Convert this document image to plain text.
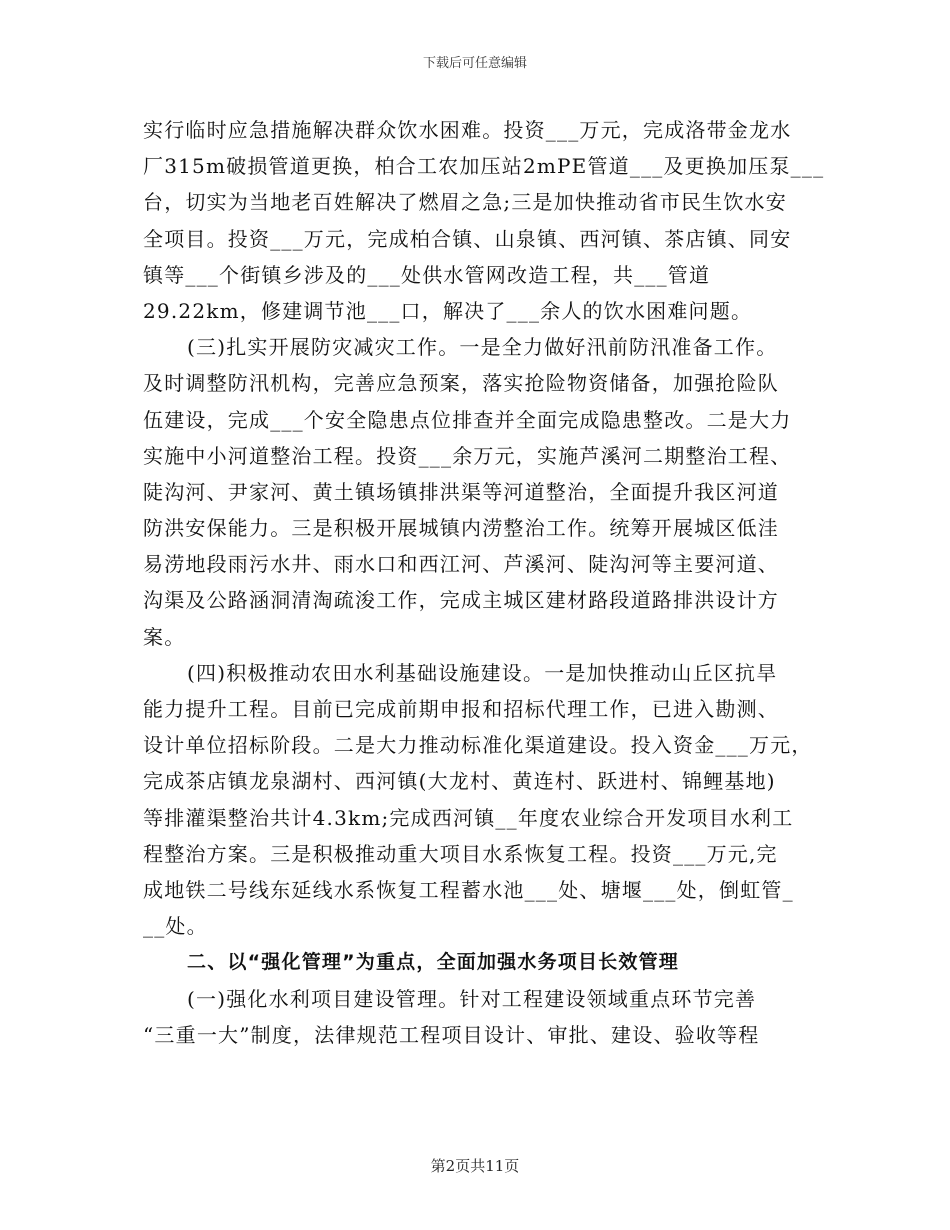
下载后可任意编辑
实行临时应急措施解决群众饮水困难。投资___万元，完成洛带金龙水
厂315m破损管道更换，柏合工农加压站2mPE管道___及更换加压泵___
台，切实为当地老百姓解决了燃眉之急;三是加快推动省市民生饮水安
全项目。投资___万元，完成柏合镇、山泉镇、西河镇、茶店镇、同安
镇等___个街镇乡涉及的___处供水管网改造工程，共___管道
29.22km，修建调节池___口，解决了___余人的饮水困难问题。
(三)扎实开展防灾减灾工作。一是全力做好汛前防汛准备工作。
及时调整防汛机构，完善应急预案，落实抢险物资储备，加强抢险队
伍建设，完成___个安全隐患点位排查并全面完成隐患整改。二是大力
实施中小河道整治工程。投资___余万元，实施芦溪河二期整治工程、
陡沟河、尹家河、黄土镇场镇排洪渠等河道整治，全面提升我区河道
防洪安保能力。三是积极开展城镇内涝整治工作。统筹开展城区低洼
易涝地段雨污水井、雨水口和西江河、芦溪河、陡沟河等主要河道、
沟渠及公路涵洞清淘疏浚工作，完成主城区建材路段道路排洪设计方
案。
(四)积极推动农田水利基础设施建设。一是加快推动山丘区抗旱
能力提升工程。目前已完成前期申报和招标代理工作，已进入勘测、
设计单位招标阶段。二是大力推动标准化渠道建设。投入资金___万元，
完成茶店镇龙泉湖村、西河镇(大龙村、黄连村、跃进村、锦鲤基地)
等排灌渠整治共计4.3km;完成西河镇__年度农业综合开发项目水利工
程整治方案。三是积极推动重大项目水系恢复工程。投资___万元,完
成地铁二号线东延线水系恢复工程蓄水池___处、塘堰___处，倒虹管_
__处。
二、以“强化管理”为重点，全面加强水务项目长效管理
(一)强化水利项目建设管理。针对工程建设领域重点环节完善
“三重一大”制度，法律规范工程项目设计、审批、建设、验收等程
第2页共11页
